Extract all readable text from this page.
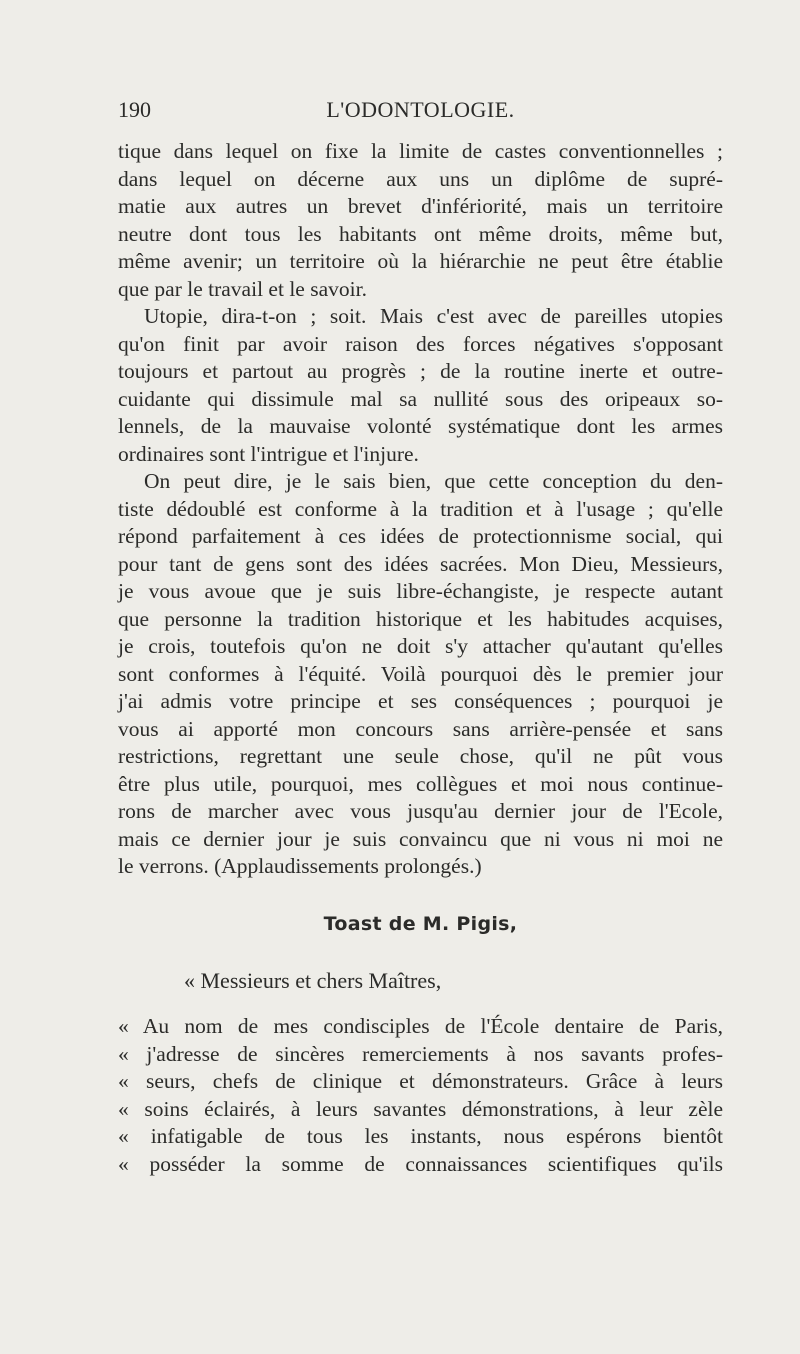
190	L'ODONTOLOGIE.
tique dans lequel on fixe la limite de castes conventionnelles ;
dans lequel on décerne aux uns un diplôme de supré-
matie aux autres un brevet d'infériorité, mais un territoire
neutre dont tous les habitants ont même droits, même but,
même avenir; un territoire où la hiérarchie ne peut être établie
que par le travail et le savoir.
Utopie, dira-t-on ; soit. Mais c'est avec de pareilles utopies
qu'on finit par avoir raison des forces négatives s'opposant
toujours et partout au progrès ; de la routine inerte et outre-
cuidante qui dissimule mal sa nullité sous des oripeaux so-
lennels, de la mauvaise volonté systématique dont les armes
ordinaires sont l'intrigue et l'injure.
On peut dire, je le sais bien, que cette conception du den-
tiste dédoublé est conforme à la tradition et à l'usage ; qu'elle
répond parfaitement à ces idées de protectionnisme social, qui
pour tant de gens sont des idées sacrées. Mon Dieu, Messieurs,
je vous avoue que je suis libre-échangiste, je respecte autant
que personne la tradition historique et les habitudes acquises,
je crois, toutefois qu'on ne doit s'y attacher qu'autant qu'elles
sont conformes à l'équité. Voilà pourquoi dès le premier jour
j'ai admis votre principe et ses conséquences ; pourquoi je
vous ai apporté mon concours sans arrière-pensée et sans
restrictions, regrettant une seule chose, qu'il ne pût vous
être plus utile, pourquoi, mes collègues et moi nous continue-
rons de marcher avec vous jusqu'au dernier jour de l'Ecole,
mais ce dernier jour je suis convaincu que ni vous ni moi ne
le verrons. (Applaudissements prolongés.)
Toast de M. Pigis,
« Messieurs et chers Maîtres,
« Au nom de mes condisciples de l'École dentaire de Paris,
« j'adresse de sincères remerciements à nos savants profes-
« seurs, chefs de clinique et démonstrateurs. Grâce à leurs
« soins éclairés, à leurs savantes démonstrations, à leur zèle
« infatigable de tous les instants, nous espérons bientôt
« posséder la somme de connaissances scientifiques qu'ils
